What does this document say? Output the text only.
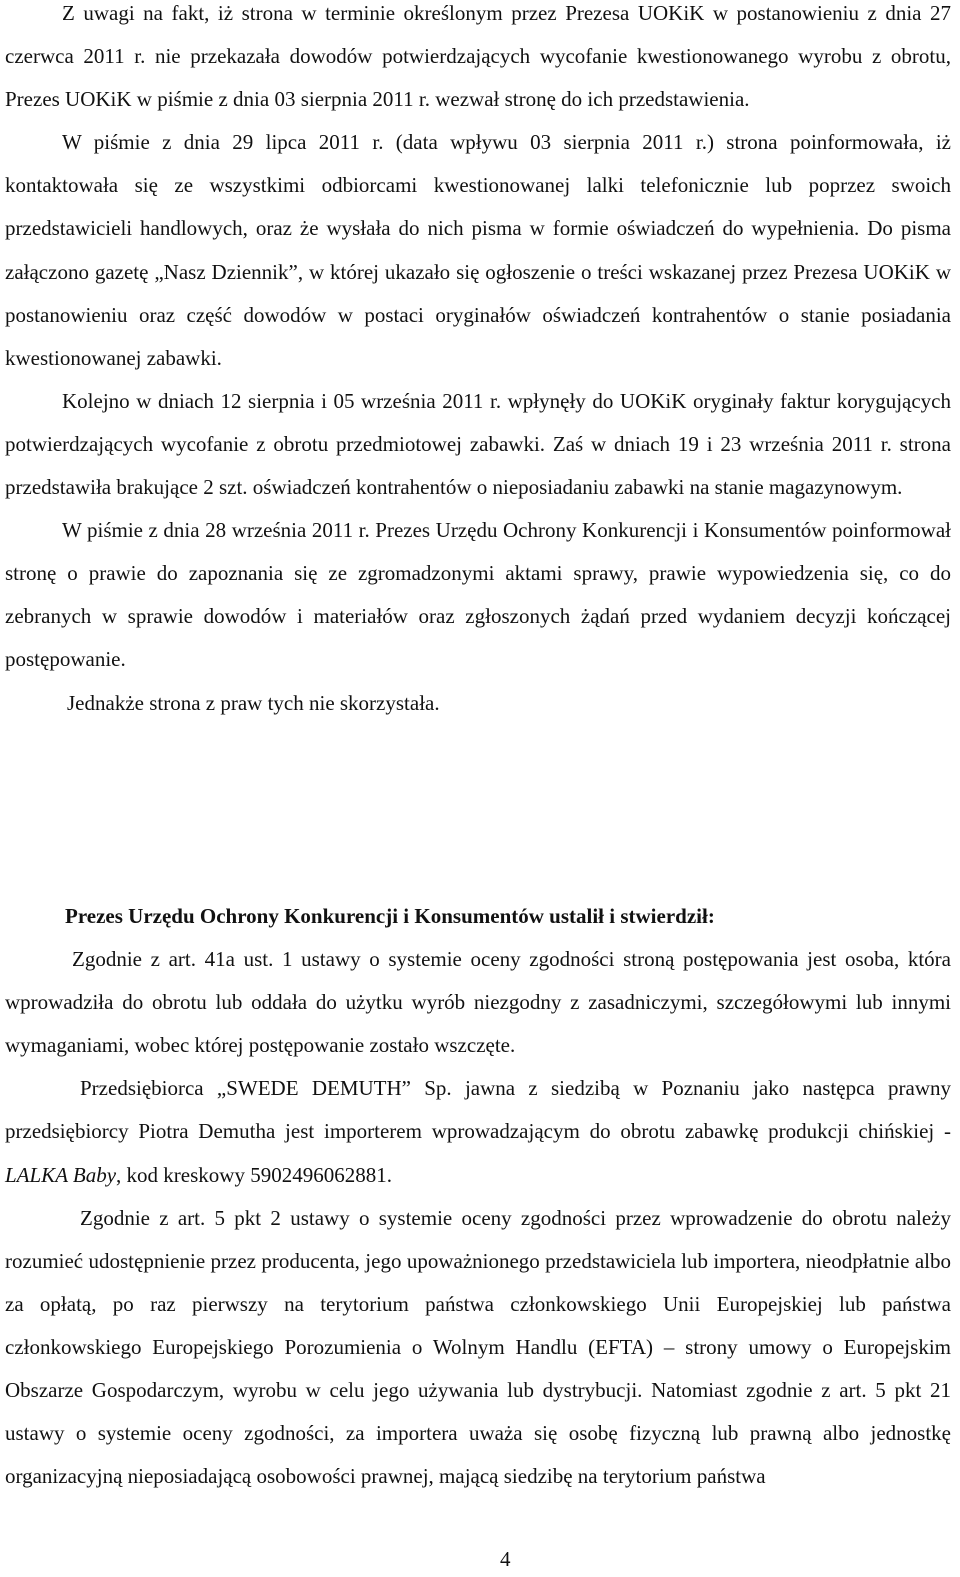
Z uwagi na fakt, iż strona w terminie określonym przez Prezesa UOKiK w postanowieniu z dnia 27 czerwca 2011 r. nie przekazała dowodów potwierdzających wycofanie kwestionowanego wyrobu z obrotu, Prezes UOKiK w piśmie z dnia 03 sierpnia 2011 r. wezwał stronę do ich przedstawienia.

W piśmie z dnia 29 lipca 2011 r. (data wpływu 03 sierpnia 2011 r.) strona poinformowała, iż kontaktowała się ze wszystkimi odbiorcami kwestionowanej lalki telefonicznie lub poprzez swoich przedstawicieli handlowych, oraz że wysłała do nich pisma w formie oświadczeń do wypełnienia. Do pisma załączono gazetę „Nasz Dziennik”, w której ukazało się ogłoszenie o treści wskazanej przez Prezesa UOKiK w postanowieniu oraz część dowodów w postaci oryginałów oświadczeń kontrahentów o stanie posiadania kwestionowanej zabawki.

Kolejno w dniach 12 sierpnia i 05 września 2011 r. wpłynęły do UOKiK oryginały faktur korygujących potwierdzających wycofanie z obrotu przedmiotowej zabawki. Zaś w dniach 19 i 23 września 2011 r. strona przedstawiła brakujące 2 szt. oświadczeń kontrahentów o nieposiadaniu zabawki na stanie magazynowym.

W piśmie z dnia 28 września 2011 r. Prezes Urzędu Ochrony Konkurencji i Konsumentów poinformował stronę o prawie do zapoznania się ze zgromadzonymi aktami sprawy, prawie wypowiedzenia się, co do zebranych w sprawie dowodów i materiałów oraz zgłoszonych żądań przed wydaniem decyzji kończącej postępowanie.

Jednakże strona z praw tych nie skorzystała.

Prezes Urzędu Ochrony Konkurencji i Konsumentów ustalił i stwierdził:

Zgodnie z art. 41a ust. 1 ustawy o systemie oceny zgodności stroną postępowania jest osoba, która wprowadziła do obrotu lub oddała do użytku wyrób niezgodny z zasadniczymi, szczegółowymi lub innymi wymaganiami, wobec której postępowanie zostało wszczęte.

Przedsiębiorca „SWEDE DEMUTH” Sp. jawna z siedzibą w Poznaniu jako następca prawny przedsiębiorcy Piotra Demutha jest importerem wprowadzającym do obrotu zabawkę produkcji chińskiej - LALKA Baby, kod kreskowy 5902496062881.

Zgodnie z art. 5 pkt 2 ustawy o systemie oceny zgodności przez wprowadzenie do obrotu należy rozumieć udostępnienie przez producenta, jego upoważnionego przedstawiciela lub importera, nieodpłatnie albo za opłatą, po raz pierwszy na terytorium państwa członkowskiego Unii Europejskiej lub państwa członkowskiego Europejskiego Porozumienia o Wolnym Handlu (EFTA) – strony umowy o Europejskim Obszarze Gospodarczym, wyrobu w celu jego używania lub dystrybucji. Natomiast zgodnie z art. 5 pkt 21 ustawy o systemie oceny zgodności, za importera uważa się osobę fizyczną lub prawną albo jednostkę organizacyjną nieposiadającą osobowości prawnej, mającą siedzibę na terytorium państwa

4
